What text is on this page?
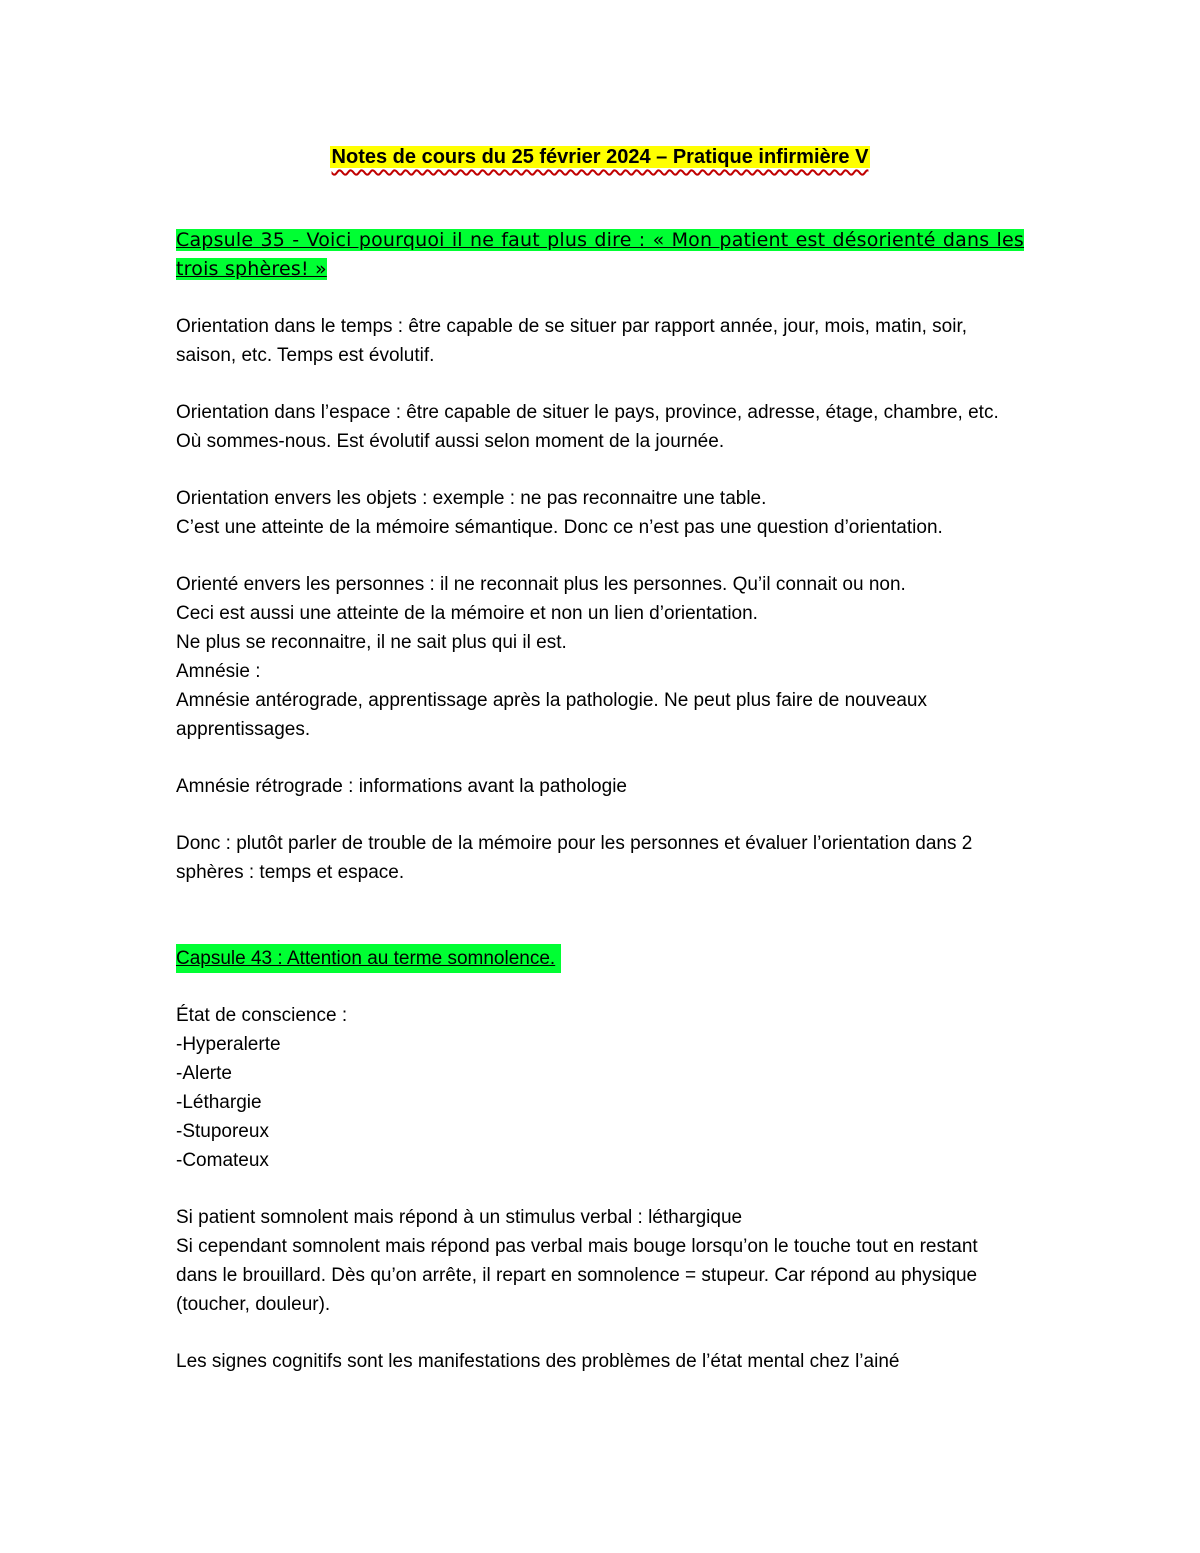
Notes de cours du 25 février 2024 – Pratique infirmière V

Capsule 35 - Voici pourquoi il ne faut plus dire : « Mon patient est désorienté dans les trois sphères! »

Orientation dans le temps : être capable de se situer par rapport année, jour, mois, matin, soir, saison, etc. Temps est évolutif.

Orientation dans l’espace : être capable de situer le pays, province, adresse, étage, chambre, etc. Où sommes-nous. Est évolutif aussi selon moment de la journée.

Orientation envers les objets : exemple : ne pas reconnaitre une table.

C’est une atteinte de la mémoire sémantique. Donc ce n’est pas une question d’orientation.

Orienté envers les personnes : il ne reconnait plus les personnes. Qu’il connait ou non.

Ceci est aussi une atteinte de la mémoire et non un lien d’orientation.

Ne plus se reconnaitre, il ne sait plus qui il est.

Amnésie :

Amnésie antérograde, apprentissage après la pathologie. Ne peut plus faire de nouveaux apprentissages.

Amnésie rétrograde : informations avant la pathologie

Donc : plutôt parler de trouble de la mémoire pour les personnes et évaluer l’orientation dans 2 sphères : temps et espace.

Capsule 43 : Attention au terme somnolence.

État de conscience :

-Hyperalerte

-Alerte

-Léthargie

-Stuporeux

-Comateux

Si patient somnolent mais répond à un stimulus verbal : léthargique

Si cependant somnolent mais répond pas verbal mais bouge lorsqu’on le touche tout en restant dans le brouillard. Dès qu’on arrête, il repart en somnolence = stupeur. Car répond au physique (toucher, douleur).

Les signes cognitifs sont les manifestations des problèmes de l’état mental chez l’ainé
